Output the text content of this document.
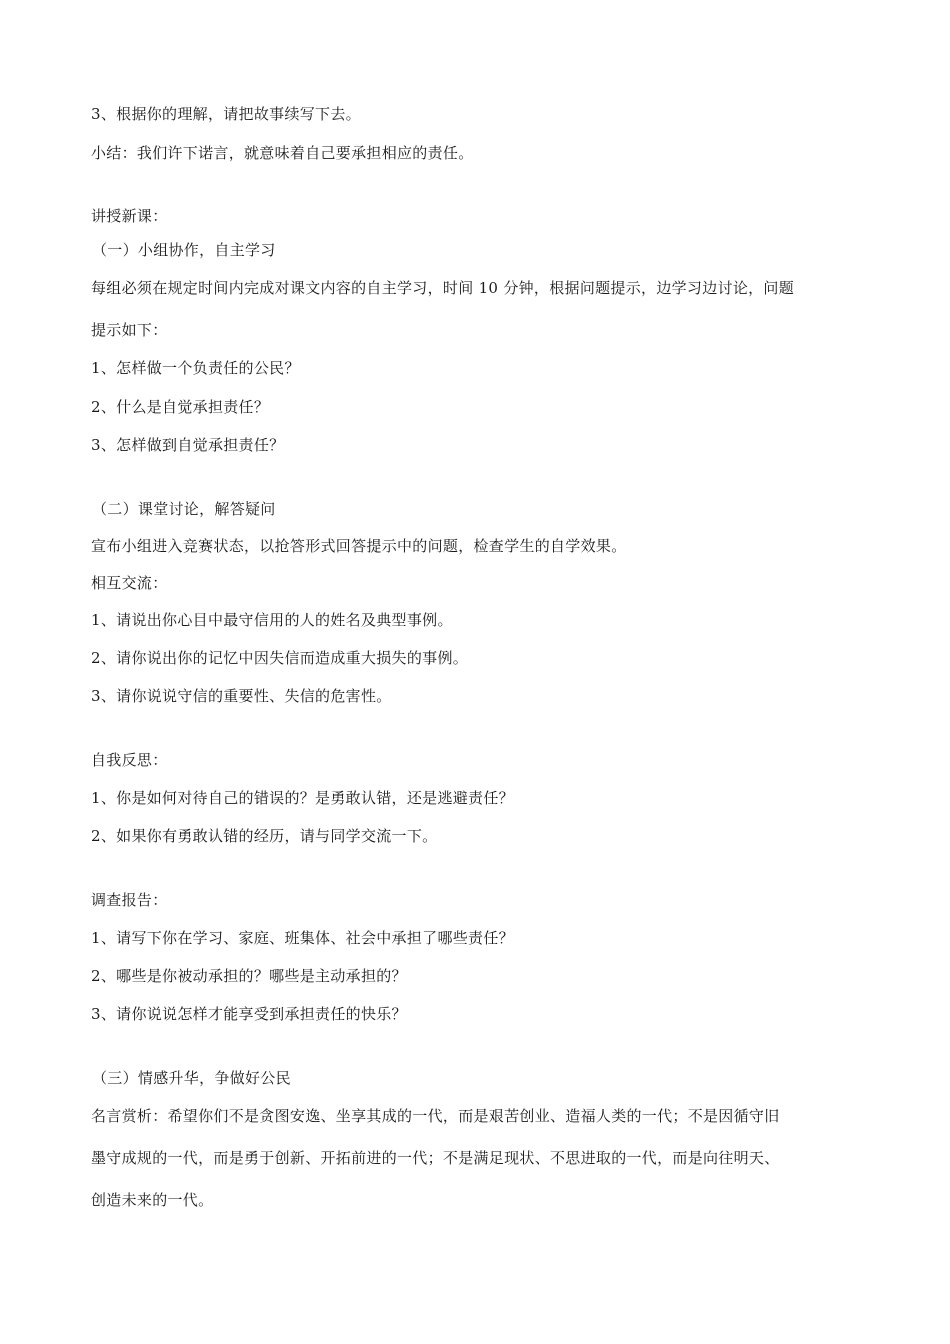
3、根据你的理解，请把故事续写下去。
小结：我们许下诺言，就意味着自己要承担相应的责任。
讲授新课：
（一）小组协作，自主学习
每组必须在规定时间内完成对课文内容的自主学习，时间 10 分钟，根据问题提示，边学习边讨论，问题
提示如下：
1、怎样做一个负责任的公民？
2、什么是自觉承担责任？
3、怎样做到自觉承担责任？
（二）课堂讨论，解答疑问
宣布小组进入竞赛状态，以抢答形式回答提示中的问题，检查学生的自学效果。
相互交流：
1、请说出你心目中最守信用的人的姓名及典型事例。
2、请你说出你的记忆中因失信而造成重大损失的事例。
3、请你说说守信的重要性、失信的危害性。
自我反思：
1、你是如何对待自己的错误的？是勇敢认错，还是逃避责任？
2、如果你有勇敢认错的经历，请与同学交流一下。
调查报告：
1、请写下你在学习、家庭、班集体、社会中承担了哪些责任？
2、哪些是你被动承担的？哪些是主动承担的？
3、请你说说怎样才能享受到承担责任的快乐？
（三）情感升华，争做好公民
名言赏析：希望你们不是贪图安逸、坐享其成的一代，而是艰苦创业、造福人类的一代；不是因循守旧
墨守成规的一代，而是勇于创新、开拓前进的一代；不是满足现状、不思进取的一代，而是向往明天、
创造未来的一代。
